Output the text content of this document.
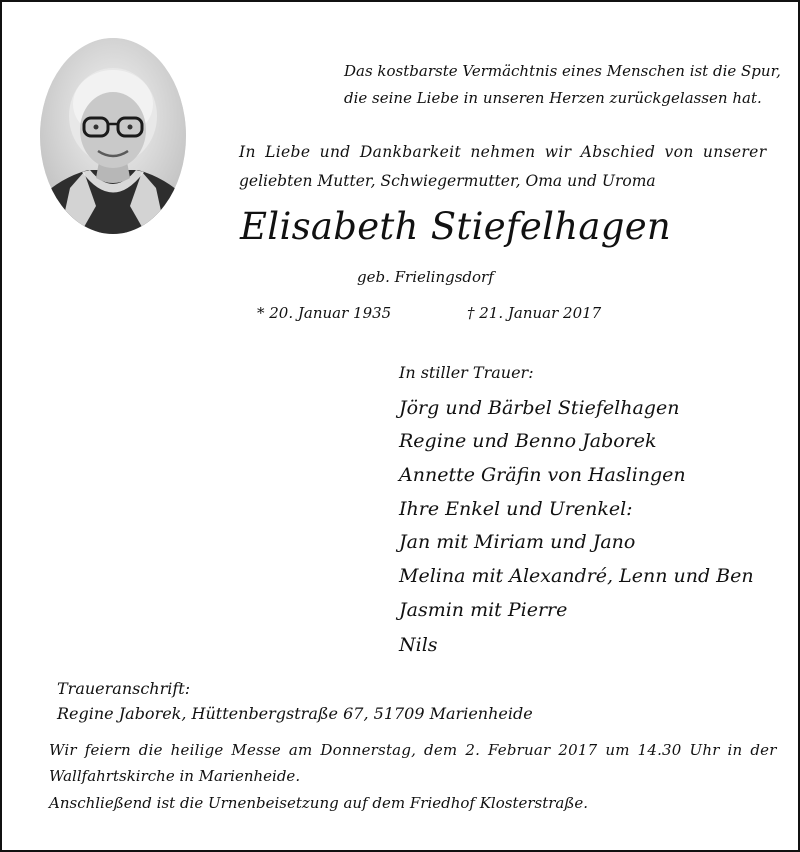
Das kostbarste Vermächtnis eines Menschen ist die Spur,
die seine Liebe in unseren Herzen zurückgelassen hat.
In Liebe und Dankbarkeit nehmen wir Abschied von unserer
geliebten Mutter, Schwiegermutter, Oma und Uroma
Elisabeth Stiefelhagen
geb. Frielingsdorf
* 20. Januar 1935	† 21. Januar 2017
In stiller Trauer:
Jörg und Bärbel Stiefelhagen
Regine und Benno Jaborek
Annette Gräfin von Haslingen
Ihre Enkel und Urenkel:
Jan mit Miriam und Jano
Melina mit Alexandré, Lenn und Ben
Jasmin mit Pierre
Nils
Traueranschrift:
Regine Jaborek, Hüttenbergstraße 67, 51709 Marienheide
Wir feiern die heilige Messe am Donnerstag, dem 2. Februar 2017 um 14.30 Uhr in der
Wallfahrtskirche in Marienheide.
Anschließend ist die Urnenbeisetzung auf dem Friedhof Klosterstraße.
